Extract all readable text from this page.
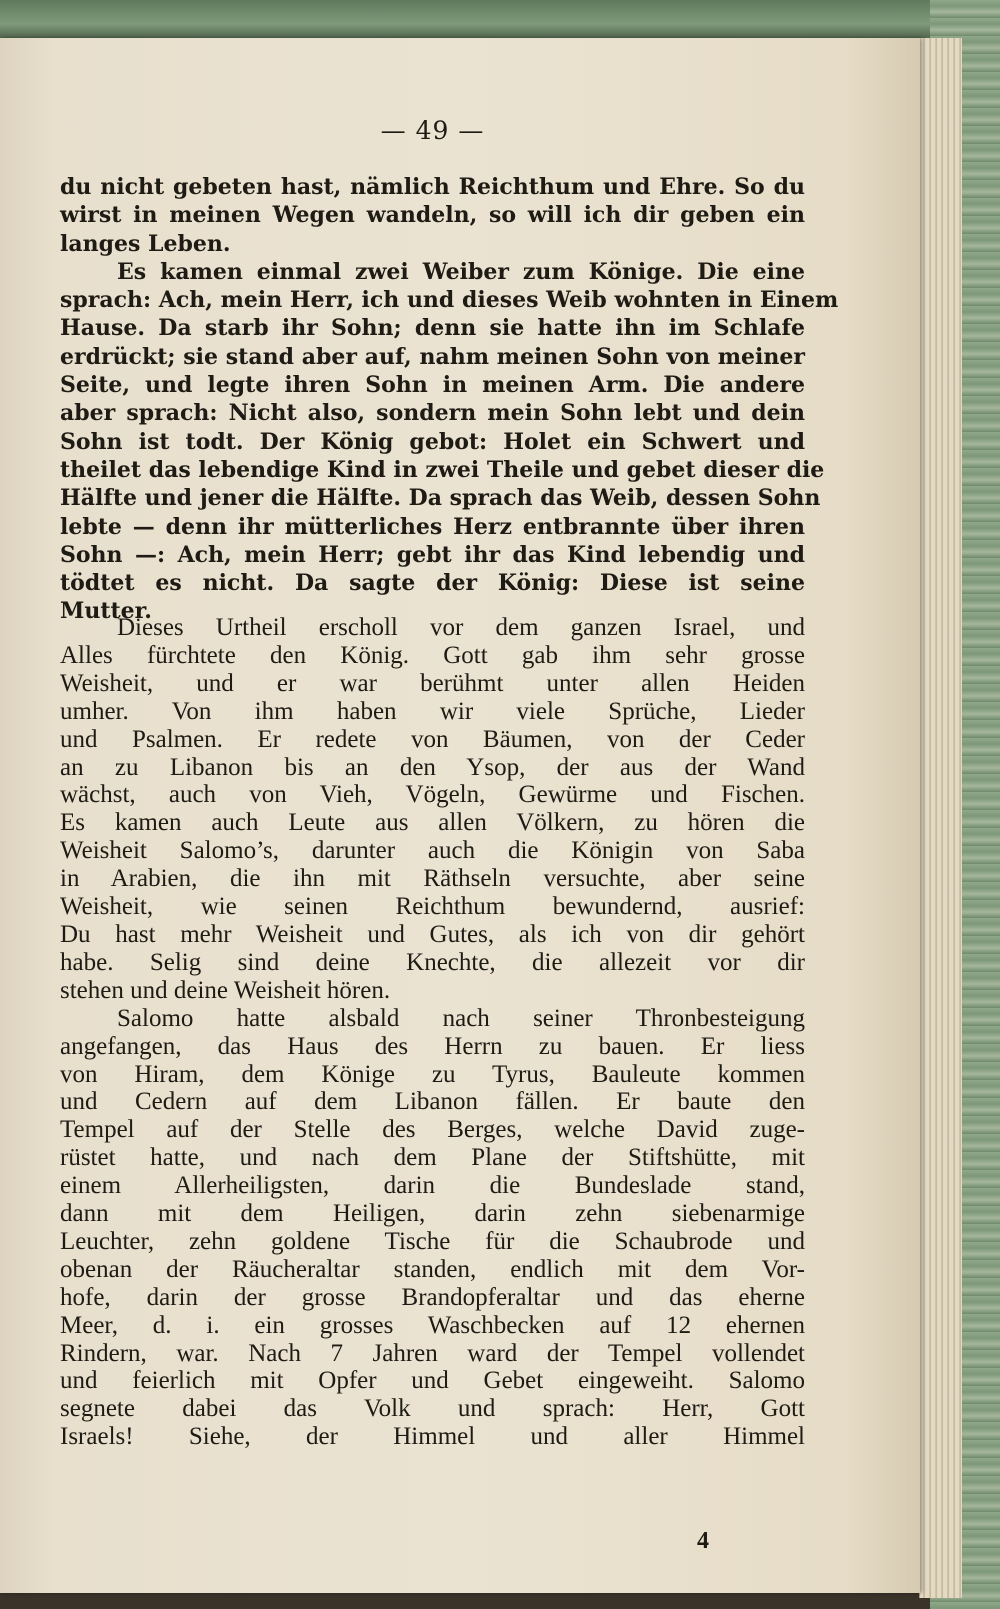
— 49 —
du nicht gebeten hast, nämlich Reichthum und Ehre. So du
wirst in meinen Wegen wandeln, so will ich dir geben ein
langes Leben.
Es kamen einmal zwei Weiber zum Könige. Die eine
sprach: Ach, mein Herr, ich und dieses Weib wohnten in Einem
Hause. Da starb ihr Sohn; denn sie hatte ihn im Schlafe
erdrückt; sie stand aber auf, nahm meinen Sohn von meiner
Seite, und legte ihren Sohn in meinen Arm. Die andere
aber sprach: Nicht also, sondern mein Sohn lebt und dein
Sohn ist todt. Der König gebot: Holet ein Schwert und
theilet das lebendige Kind in zwei Theile und gebet dieser die
Hälfte und jener die Hälfte. Da sprach das Weib, dessen Sohn
lebte — denn ihr mütterliches Herz entbrannte über ihren
Sohn —: Ach, mein Herr; gebt ihr das Kind lebendig und
tödtet es nicht. Da sagte der König: Diese ist seine
Mutter.
Dieses Urtheil erscholl vor dem ganzen Israel, und
Alles fürchtete den König. Gott gab ihm sehr grosse
Weisheit, und er war berühmt unter allen Heiden
umher. Von ihm haben wir viele Sprüche, Lieder
und Psalmen. Er redete von Bäumen, von der Ceder
an zu Libanon bis an den Ysop, der aus der Wand
wächst, auch von Vieh, Vögeln, Gewürme und Fischen.
Es kamen auch Leute aus allen Völkern, zu hören die
Weisheit Salomo’s, darunter auch die Königin von Saba
in Arabien, die ihn mit Räthseln versuchte, aber seine
Weisheit, wie seinen Reichthum bewundernd, ausrief:
Du hast mehr Weisheit und Gutes, als ich von dir gehört
habe. Selig sind deine Knechte, die allezeit vor dir
stehen und deine Weisheit hören.
Salomo hatte alsbald nach seiner Thronbesteigung
angefangen, das Haus des Herrn zu bauen. Er liess
von Hiram, dem Könige zu Tyrus, Bauleute kommen
und Cedern auf dem Libanon fällen. Er baute den
Tempel auf der Stelle des Berges, welche David zuge-
rüstet hatte, und nach dem Plane der Stiftshütte, mit
einem Allerheiligsten, darin die Bundeslade stand,
dann mit dem Heiligen, darin zehn siebenarmige
Leuchter, zehn goldene Tische für die Schaubrode und
obenan der Räucheraltar standen, endlich mit dem Vor-
hofe, darin der grosse Brandopferaltar und das eherne
Meer, d. i. ein grosses Waschbecken auf 12 ehernen
Rindern, war. Nach 7 Jahren ward der Tempel vollendet
und feierlich mit Opfer und Gebet eingeweiht. Salomo
segnete dabei das Volk und sprach: Herr, Gott
Israels! Siehe, der Himmel und aller Himmel
4
